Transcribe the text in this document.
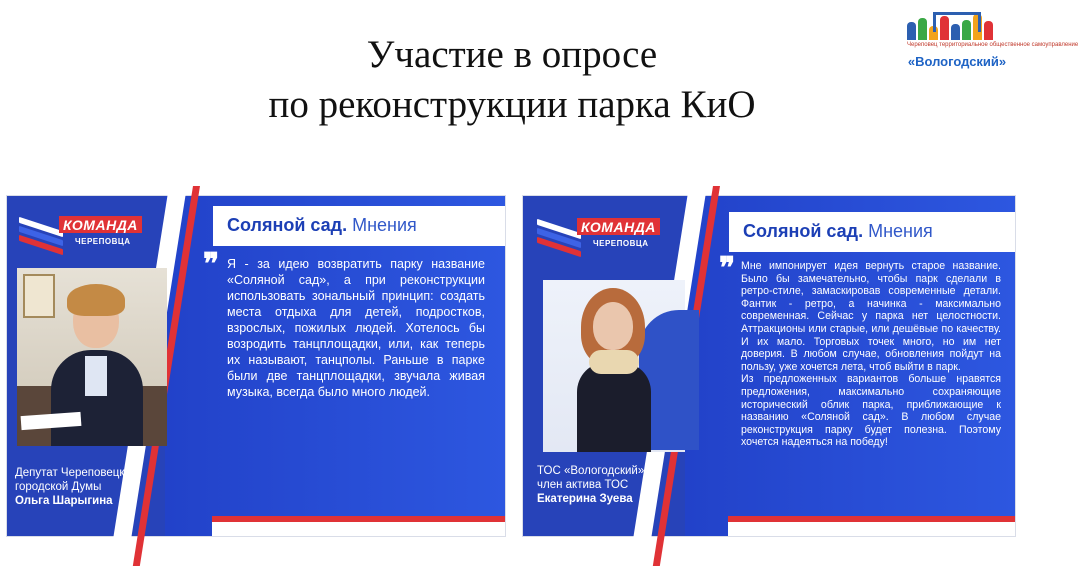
Участие в опросе
по реконструкции парка КиО
Череповец территориальное общественное самоуправление
«Вологодский»
КОМАНДА
ЧЕРЕПОВЦА
Депутат Череповецкой
городской Думы
Ольга Шарыгина
Соляной сад. Мнения
❞ Я - за идею возвратить парку название «Соляной сад», а при реконструкции использовать зональный принцип: создать места отдыха для детей, подростков, взрослых, пожилых людей. Хотелось бы возродить танцплощадки, или, как теперь их называют, танцполы. Раньше в парке были две танцплощадки, звучала живая музыка, всегда было много людей.
КОМАНДА
ЧЕРЕПОВЦА
ТОС «Вологодский»,
член актива ТОС
Екатерина Зуева
Соляной сад. Мнения
❞ Мне импонирует идея вернуть старое название. Было бы замечательно, чтобы парк сделали в ретро-стиле, замаскировав современные детали. Фантик - ретро, а начинка - максимально современная. Сейчас у парка нет целостности. Аттракционы или старые, или дешёвые по качеству. И их мало. Торговых точек много, но им нет доверия. В любом случае, обновления пойдут на пользу, уже хочется лета, чтоб выйти в парк.
Из предложенных вариантов больше нравятся предложения, максимально сохраняющие исторический облик парка, приближающие к названию «Соляной сад». В любом случае реконструкция парку будет полезна. Поэтому хочется надеяться на победу!
